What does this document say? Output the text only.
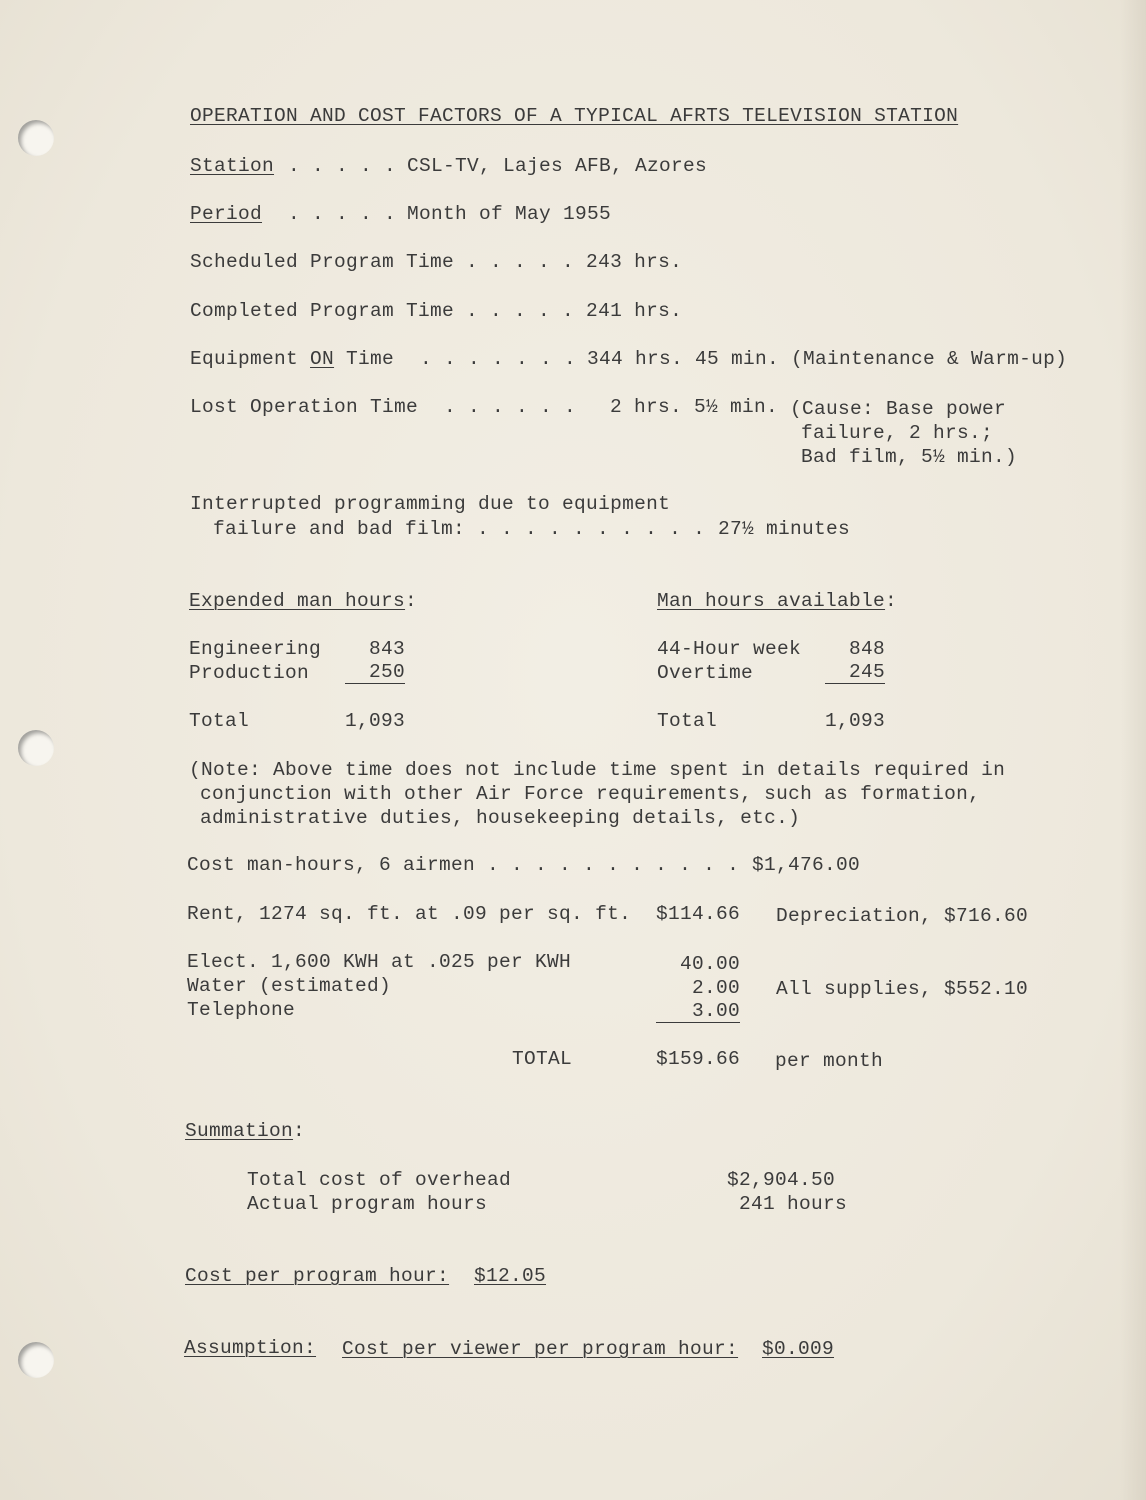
OPERATION AND COST FACTORS OF A TYPICAL AFRTS TELEVISION STATION
Station . . . . . CSL-TV, Lajes AFB, Azores
Period . . . . . Month of May 1955
Scheduled Program Time . . . . . 243 hrs.
Completed Program Time . . . . . 241 hrs.
Equipment ON Time . . . . . . . 344 hrs. 45 min. (Maintenance & Warm-up)
Lost Operation Time . . . . . . 2 hrs. 5½ min. (Cause: Base power
failure, 2 hrs.;
Bad film, 5½ min.)
Interrupted programming due to equipment
failure and bad film: . . . . . . . . . . 27½ minutes
Expended man hours:
Engineering 843
Production	250
Total	1,093
Man hours available:
44-Hour week 848
Overtime	245
Total	1,093
(Note: Above time does not include time spent in details required in
conjunction with other Air Force requirements, such as formation,
administrative duties, housekeeping details, etc.)
Cost man-hours, 6 airmen . . . . . . . . . . . $1,476.00
Rent, 1274 sq. ft. at .09 per sq. ft. $114.66 Depreciation, $716.60
Elect. 1,600 KWH at .025 per KWH	40.00
Water (estimated)	2.00
Telephone	3.00
All supplies, $552.10
TOTAL	$159.66 per month
Summation:
Total cost of overhead	$2,904.50
Actual program hours	241 hours
Cost per program hour: $12.05
Assumption: Cost per viewer per program hour: $0.009
